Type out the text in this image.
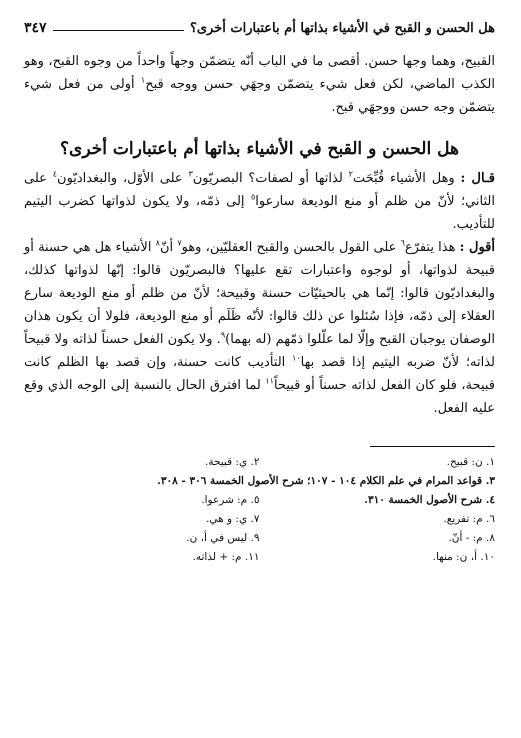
هل الحسن و القبح في الأشياء بذاتها أم باعتبارات أخرى؟
٣٤٧

القبيح، وهما وجها حسن. أقصى ما في الباب أنّه يتضمّن وجهاً واحداً من وجوه القبح، وهو الكذب الماضي، لكن فعل شيء يتضمّن وجهَي حسن ووجه قبح$^١$ أولى من فعل شيء يتضمّن وجه حسن ووجهَي قبح.

هل الحسن و القبح في الأشياء بذاتها أم باعتبارات أخرى؟

قـال : وهل الأشياء قُبِّحَت$^٢$ لذاتها أو لصفات؟ البصريّون$^٣$ على الأوّل، والبغداديّون$^٤$ على الثاني؛ لأنّ من ظلم أو منع الوديعة سارعوا$^٥$ إلى ذمّه، ولا يكون لذواتها كضرب اليتيم للتأديب.

أقول : هذا يتفرّع$^٦$ على القول بالحسن والقبح العقليّين، وهو$^٧$ أنّ$^٨$ الأشياء هل هي حسنة أو قبيحة لذواتها، أو لوجوه واعتبارات تقع عليها؟ فالبصريّون قالوا: إنّها لذواتها كذلك، والبغداديّون قالوا: إنّما هي بالحيثيّات حسنة وقبيحة؛ لأنّ من ظلم أو منع الوديعة سارع العقلاء إلى ذمّه، فإذا سُئلوا عن ذلك قالوا: لأنّه ظَلَم أو منع الوديعة، فلولا أن يكون هذان الوصفان يوجبان القبح وإلّا لما علّلوا ذمّهم (له بهما)$^٩$. ولا يكون الفعل حسناً لذاته ولا قبيحاً لذاته؛ لأنّ ضربه اليتيم إذا قصد بها$^{١٠}$ التأديب كانت حسنة، وإن قصد بها الظلم كانت قبيحة، فلو كان الفعل لذاته حسناً أو قبيحاً$^{١١}$ لما افترق الحال بالنسبة إلى الوجه الذي وقع عليه الفعل.

١. ن: قبيح.
٢. ي: قبيحة.
٣. قواعد المرام في علم الكلام ١٠٤ - ١٠٧؛ شرح الأصول الخمسة ٣٠٦ - ٣٠٨.
٤. شرح الأصول الخمسة ٣١٠.
٥. م: شرعوا.
٦. م: تفريع.
٧. ي: و هي.
٨. م: - أنّ.
٩. ليس في أ، ن.
١٠. أ، ن: منها.
١١. م: + لذاته.
